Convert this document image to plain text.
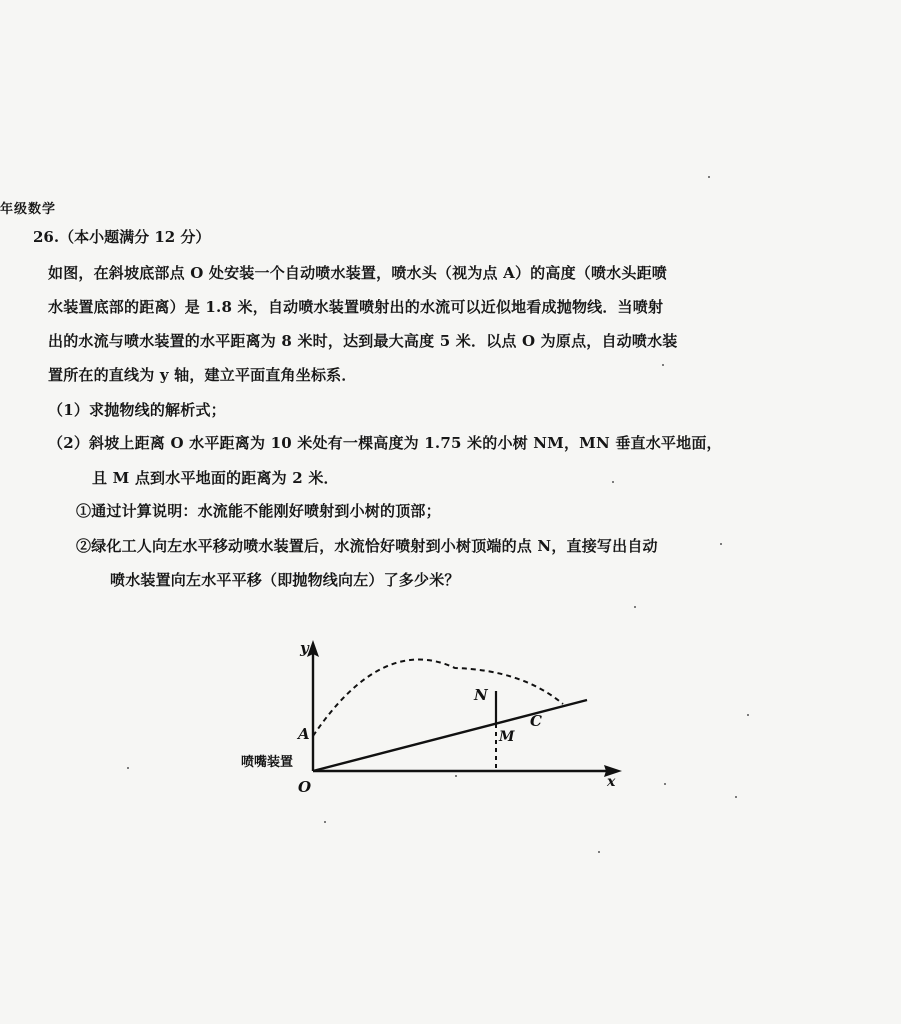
年级数学
26.（本小题满分 12 分）
如图，在斜坡底部点 O 处安装一个自动喷水装置，喷水头（视为点 A）的高度（喷水头距喷
水装置底部的距离）是 1.8 米，自动喷水装置喷射出的水流可以近似地看成抛物线．当喷射
出的水流与喷水装置的水平距离为 8 米时，达到最大高度 5 米．以点 O 为原点，自动喷水装
置所在的直线为 y 轴，建立平面直角坐标系．
（1）求抛物线的解析式；
（2）斜坡上距离 O 水平距离为 10 米处有一棵高度为 1.75 米的小树 NM，MN 垂直水平地面，
且 M 点到水平地面的距离为 2 米．
①通过计算说明：水流能不能刚好喷射到小树的顶部；
②绿化工人向左水平移动喷水装置后，水流恰好喷射到小树顶端的点 N，直接写出自动
喷水装置向左水平平移（即抛物线向左）了多少米？
y
x
O
A
N
M
C
喷嘴装置
